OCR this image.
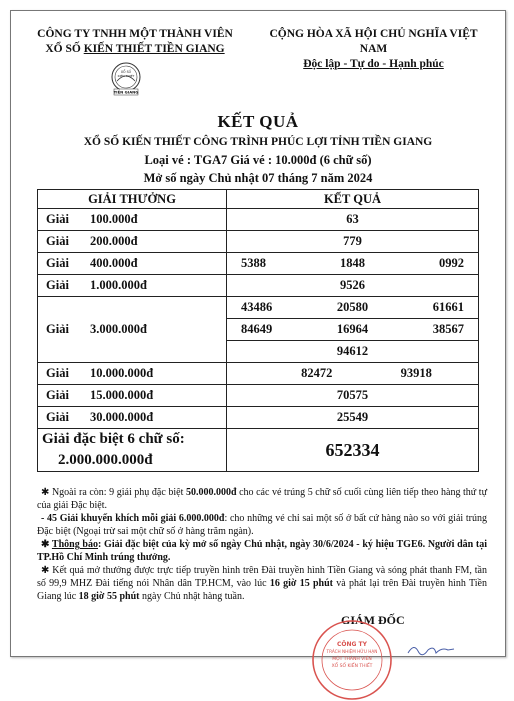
CÔNG TY TNHH MỘT THÀNH VIÊN
XỔ SỐ KIẾN THIẾT TIỀN GIANG
CỘNG HÒA XÃ HỘI CHỦ NGHĨA VIỆT NAM
Độc lập - Tự do - Hạnh phúc
XỔ SỐ
KIẾN THIẾT
TIỀN GIANG
KẾT QUẢ
XỔ SỐ KIẾN THIẾT CÔNG TRÌNH PHÚC LỢI TỈNH TIỀN GIANG
Loại vé : TGA7 Giá vé : 10.000đ (6 chữ số)
Mở số ngày Chủ nhật 07 tháng 7 năm 2024
GIẢI THƯỞNG	KẾT QUẢ
Giải 100.000đ	63
Giải 200.000đ	779
Giải 400.000đ	5388 1848 0992

Giải 1.000.000đ	9526
Giải 3.000.000đ	43486 20580 61661

	84649 16964 38567

	94612
Giải 10.000.000đ	82472 93918

Giải 15.000.000đ	70575
Giải 30.000.000đ	25549
Giải đặc biệt 6 chữ số:
2.000.000.000đ	652334

✱ Ngoài ra còn: 9 giải phụ đặc biệt 50.000.000đ cho các vé trúng 5 chữ số cuối cùng liên tiếp theo hàng thứ tự của giải Đặc biệt.

- 45 Giải khuyến khích mỗi giải 6.000.000đ: cho những vé chỉ sai một số ở bất cứ hàng nào so với giải trúng Đặc biệt (Ngoại trừ sai một chữ số ở hàng trăm ngàn).

✱ Thông báo: Giải đặc biệt của kỳ mở số ngày Chủ nhật, ngày 30/6/2024 - ký hiệu TGE6. Người dân tại TP.Hồ Chí Minh trúng thưởng.

✱ Kết quả mở thưởng được trực tiếp truyền hình trên Đài truyền hình Tiền Giang và sóng phát thanh FM, tần số 99,9 MHZ Đài tiếng nói Nhân dân TP.HCM, vào lúc 16 giờ 15 phút và phát lại trên Đài truyền hình Tiền Giang lúc 18 giờ 55 phút ngày Chủ nhật hàng tuần.

GIÁM ĐỐC
CÔNG TY
TRÁCH NHIỆM HỮU HẠN
MỘT THÀNH VIÊN
XỔ SỐ KIẾN THIẾT
